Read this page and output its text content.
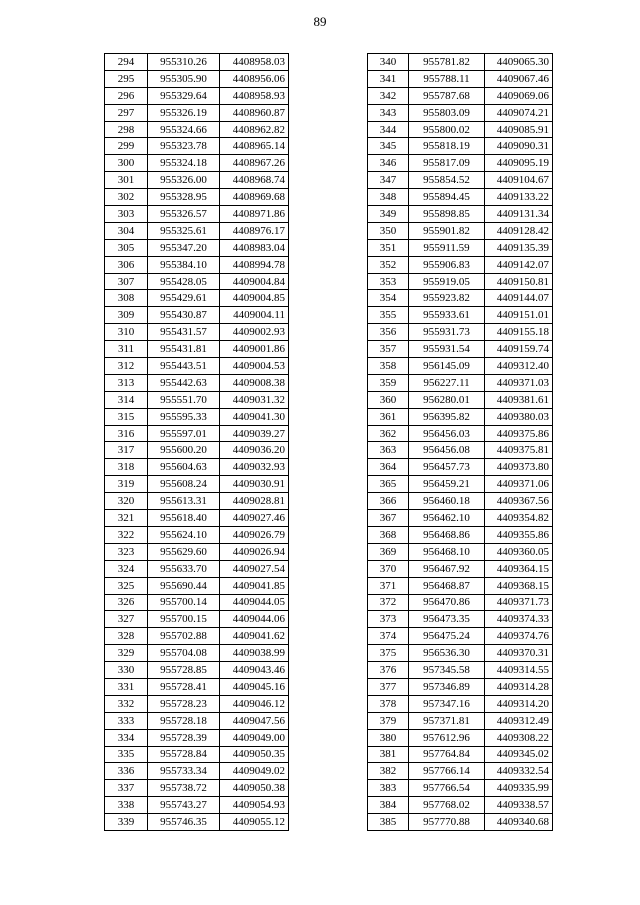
89
294	955310.26	4408958.03
295	955305.90	4408956.06
296	955329.64	4408958.93
297	955326.19	4408960.87
298	955324.66	4408962.82
299	955323.78	4408965.14
300	955324.18	4408967.26
301	955326.00	4408968.74
302	955328.95	4408969.68
303	955326.57	4408971.86
304	955325.61	4408976.17
305	955347.20	4408983.04
306	955384.10	4408994.78
307	955428.05	4409004.84
308	955429.61	4409004.85
309	955430.87	4409004.11
310	955431.57	4409002.93
311	955431.81	4409001.86
312	955443.51	4409004.53
313	955442.63	4409008.38
314	955551.70	4409031.32
315	955595.33	4409041.30
316	955597.01	4409039.27
317	955600.20	4409036.20
318	955604.63	4409032.93
319	955608.24	4409030.91
320	955613.31	4409028.81
321	955618.40	4409027.46
322	955624.10	4409026.79
323	955629.60	4409026.94
324	955633.70	4409027.54
325	955690.44	4409041.85
326	955700.14	4409044.05
327	955700.15	4409044.06
328	955702.88	4409041.62
329	955704.08	4409038.99
330	955728.85	4409043.46
331	955728.41	4409045.16
332	955728.23	4409046.12
333	955728.18	4409047.56
334	955728.39	4409049.00
335	955728.84	4409050.35
336	955733.34	4409049.02
337	955738.72	4409050.38
338	955743.27	4409054.93
339	955746.35	4409055.12
340	955781.82	4409065.30
341	955788.11	4409067.46
342	955787.68	4409069.06
343	955803.09	4409074.21
344	955800.02	4409085.91
345	955818.19	4409090.31
346	955817.09	4409095.19
347	955854.52	4409104.67
348	955894.45	4409133.22
349	955898.85	4409131.34
350	955901.82	4409128.42
351	955911.59	4409135.39
352	955906.83	4409142.07
353	955919.05	4409150.81
354	955923.82	4409144.07
355	955933.61	4409151.01
356	955931.73	4409155.18
357	955931.54	4409159.74
358	956145.09	4409312.40
359	956227.11	4409371.03
360	956280.01	4409381.61
361	956395.82	4409380.03
362	956456.03	4409375.86
363	956456.08	4409375.81
364	956457.73	4409373.80
365	956459.21	4409371.06
366	956460.18	4409367.56
367	956462.10	4409354.82
368	956468.86	4409355.86
369	956468.10	4409360.05
370	956467.92	4409364.15
371	956468.87	4409368.15
372	956470.86	4409371.73
373	956473.35	4409374.33
374	956475.24	4409374.76
375	956536.30	4409370.31
376	957345.58	4409314.55
377	957346.89	4409314.28
378	957347.16	4409314.20
379	957371.81	4409312.49
380	957612.96	4409308.22
381	957764.84	4409345.02
382	957766.14	4409332.54
383	957766.54	4409335.99
384	957768.02	4409338.57
385	957770.88	4409340.68
